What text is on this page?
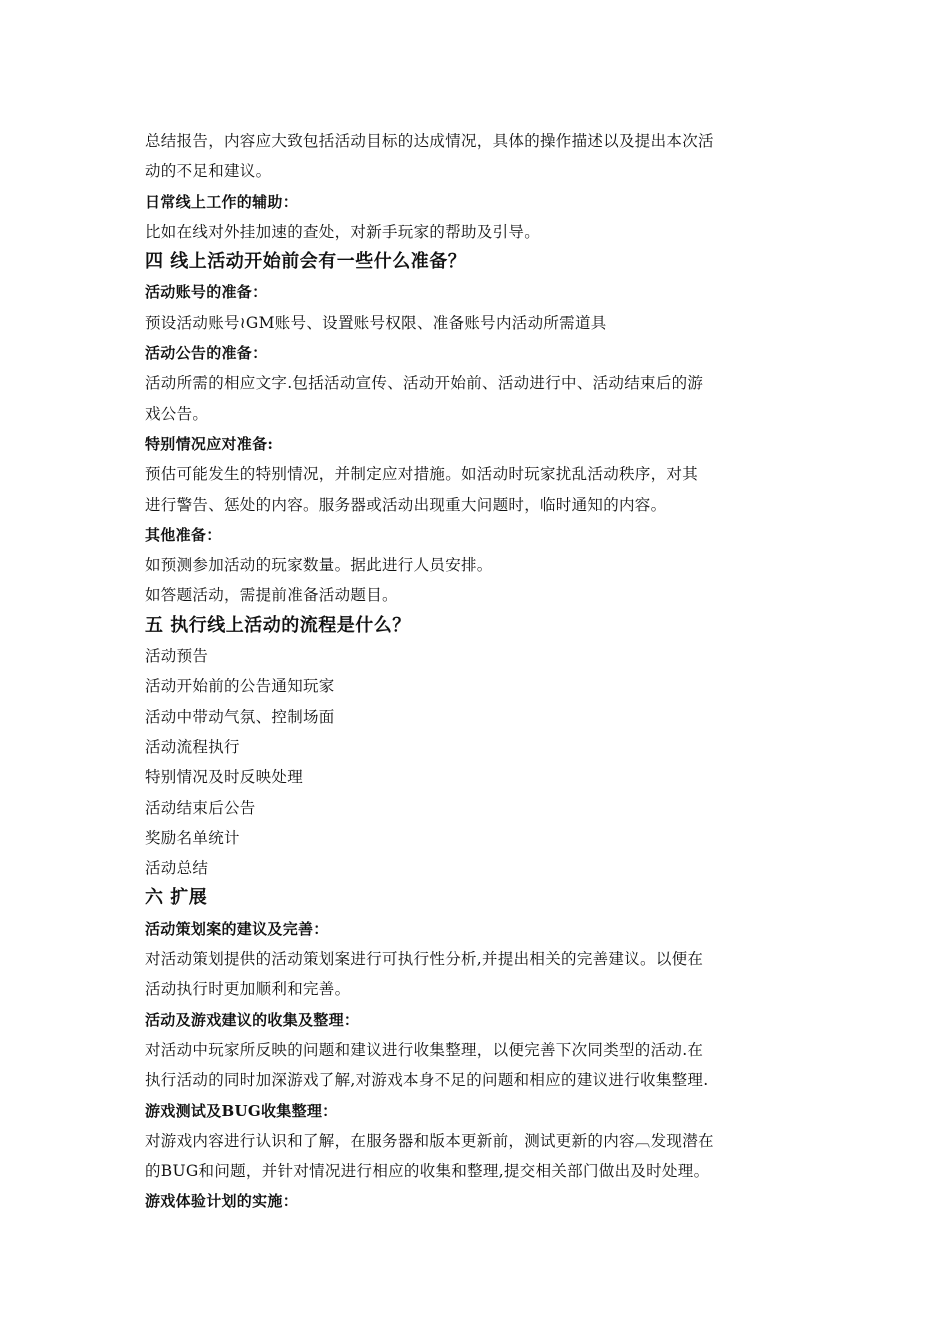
总结报告，内容应大致包括活动目标的达成情况，具体的操作描述以及提出本次活
动的不足和建议。
日常线上工作的辅助：
比如在线对外挂加速的查处，对新手玩家的帮助及引导。
四 线上活动开始前会有一些什么准备？
活动账号的准备：
预设活动账号≀GM账号、设置账号权限、准备账号内活动所需道具
活动公告的准备：
活动所需的相应文字.包括活动宣传、活动开始前、活动进行中、活动结束后的游
戏公告。
特别情况应对准备:
预估可能发生的特别情况，并制定应对措施。如活动时玩家扰乱活动秩序，对其
进行警告、惩处的内容。服务器或活动出现重大问题时，临时通知的内容。
其他准备：
如预测参加活动的玩家数量。据此进行人员安排。
如答题活动，需提前准备活动题目。
五 执行线上活动的流程是什么？
活动预告
活动开始前的公告通知玩家
活动中带动气氛、控制场面
活动流程执行
特别情况及时反映处理
活动结束后公告
奖励名单统计
活动总结
六 扩展
活动策划案的建议及完善：
对活动策划提供的活动策划案进行可执行性分析,并提出相关的完善建议。以便在
活动执行时更加顺利和完善。
活动及游戏建议的收集及整理：
对活动中玩家所反映的问题和建议进行收集整理，以便完善下次同类型的活动.在
执行活动的同时加深游戏了解,对游戏本身不足的问题和相应的建议进行收集整理.
游戏测试及BUG收集整理：
对游戏内容进行认识和了解，在服务器和版本更新前，测试更新的内容︹发现潜在
的BUG和问题，并针对情况进行相应的收集和整理,提交相关部门做出及时处理。
游戏体验计划的实施：
